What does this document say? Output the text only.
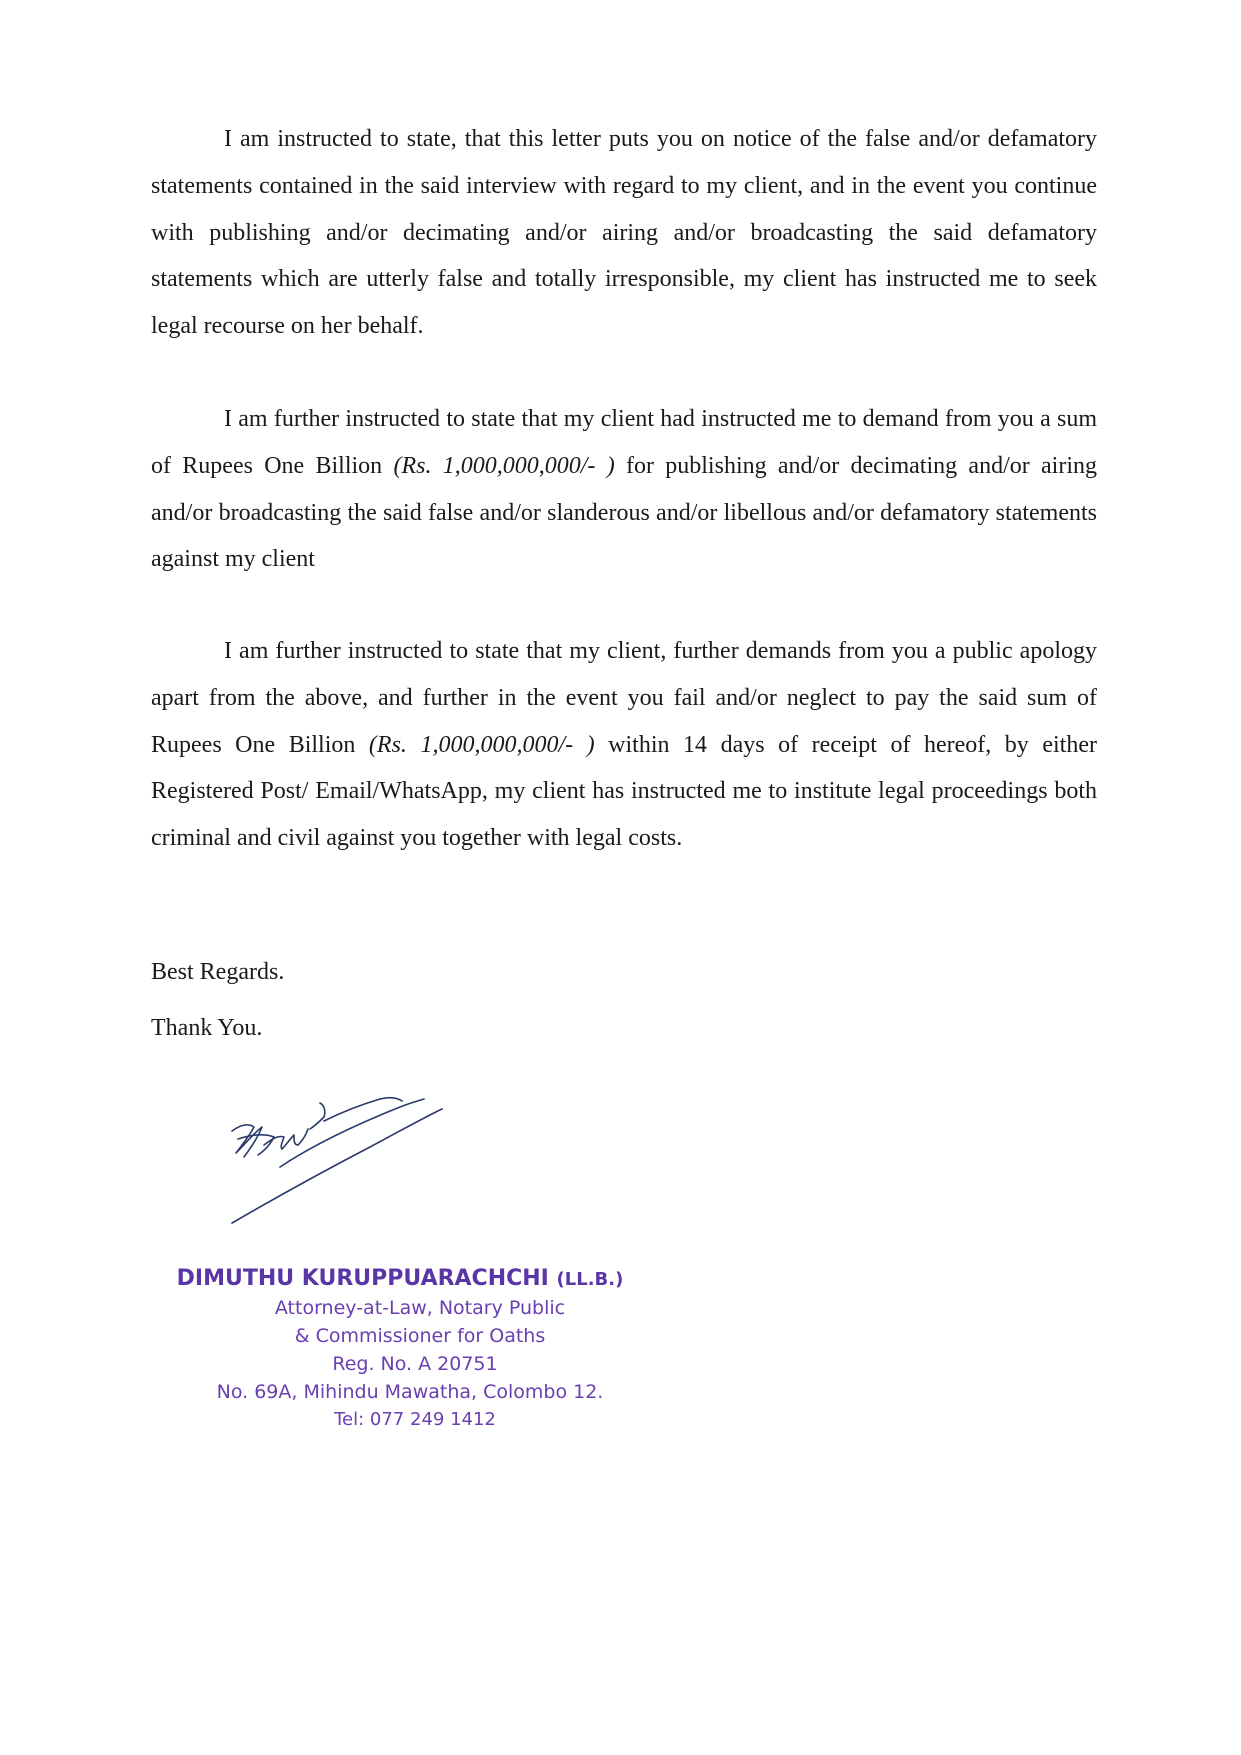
I am instructed to state, that this letter puts you on notice of the false and/or defamatory statements contained in the said interview with regard to my client, and in the event you continue with publishing and/or decimating and/or airing and/or broadcasting the said defamatory statements which are utterly false and totally irresponsible, my client has instructed me to seek legal recourse on her behalf.

I am further instructed to state that my client had instructed me to demand from you a sum of Rupees One Billion (Rs. 1,000,000,000/- ) for publishing and/or decimating and/or airing and/or broadcasting the said false and/or slanderous and/or libellous and/or defamatory statements against my client

I am further instructed to state that my client, further demands from you a public apology apart from the above, and further in the event you fail and/or neglect to pay the said sum of Rupees One Billion (Rs. 1,000,000,000/- ) within 14 days of receipt of hereof, by either Registered Post/ Email/WhatsApp, my client has instructed me to institute legal proceedings both criminal and civil against you together with legal costs.

Best Regards.

Thank You.

DIMUTHU KURUPPUARACHCHI (LL.B.)
Attorney-at-Law, Notary Public
& Commissioner for Oaths
Reg. No. A 20751
No. 69A, Mihindu Mawatha, Colombo 12.
Tel: 077 249 1412
